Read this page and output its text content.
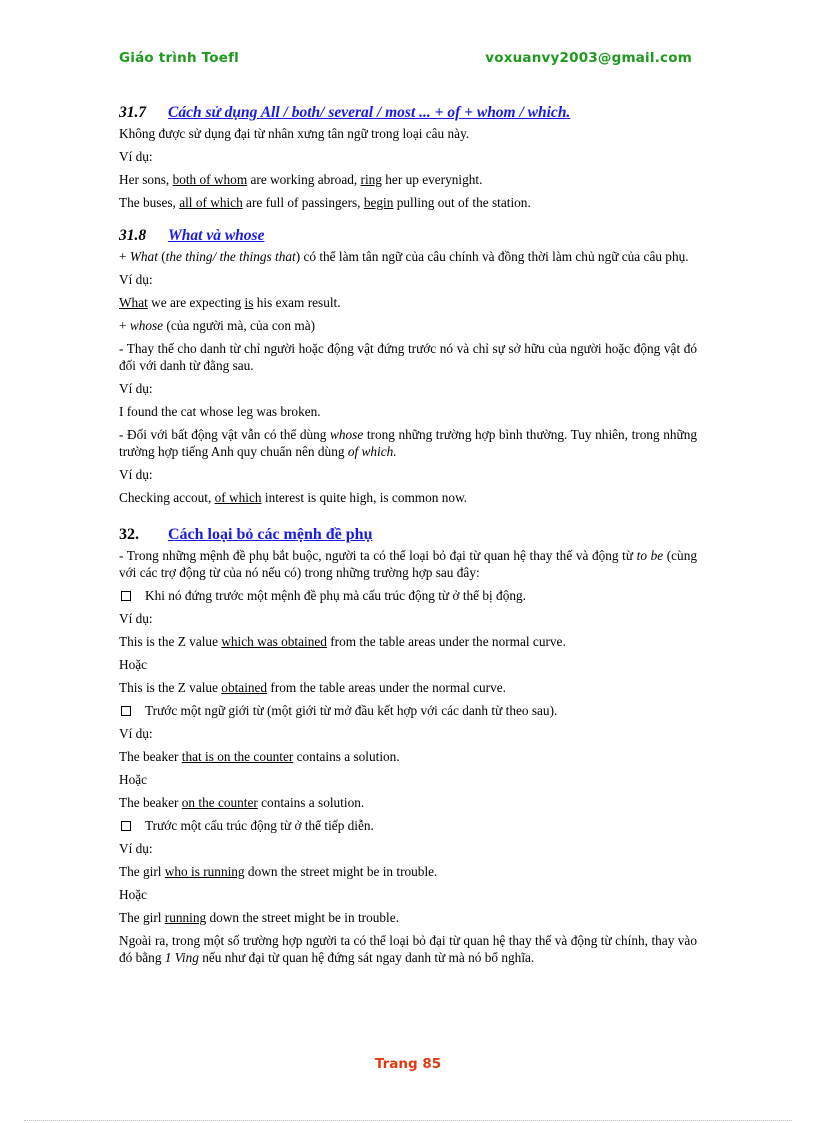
Giáo trình Toefl	voxuanvy2003@gmail.com
31.7	Cách sử dụng All / both/ several / most ... + of + whom / which.

Không được sử dụng đại từ nhân xưng tân ngữ trong loại câu này.

Ví dụ:

Her sons, both of whom are working abroad, ring her up everynight.

The buses, all of which are full of passingers, begin pulling out of the station.

31.8	What và whose

+ What (the thing/ the things that) có thể làm tân ngữ của câu chính và đồng thời làm chủ ngữ của câu phụ.

Ví dụ:

What we are expecting is his exam result.

+ whose (của người mà, của con mà)

- Thay thế cho danh từ chỉ người hoặc động vật đứng trước nó và chỉ sự sở hữu của người hoặc động vật đó đối với danh từ đằng sau.

Ví dụ:

I found the cat whose leg was broken.

- Đối với bất động vật vẫn có thể dùng whose trong những trường hợp bình thường. Tuy nhiên, trong những trường hợp tiếng Anh quy chuẩn nên dùng of which.

Ví dụ:

Checking accout, of which interest is quite high, is common now.

32.	Cách loại bỏ các mệnh đề phụ

- Trong những mệnh đề phụ bắt buộc, người ta có thể loại bỏ đại từ quan hệ thay thế và động từ to be (cùng với các trợ động từ của nó nếu có) trong những trường hợp sau đây:

Khi nó đứng trước một mệnh đề phụ mà cấu trúc động từ ở thể bị động.

Ví dụ:

This is the Z value which was obtained from the table areas under the normal curve.

Hoặc

This is the Z value obtained from the table areas under the normal curve.

Trước một ngữ giới từ (một giới từ mở đầu kết hợp với các danh từ theo sau).

Ví dụ:

The beaker that is on the counter contains a solution.

Hoặc

The beaker on the counter contains a solution.

Trước một cấu trúc động từ ở thể tiếp diễn.

Ví dụ:

The girl who is running down the street might be in trouble.

Hoặc

The girl running down the street might be in trouble.

Ngoài ra, trong một số trường hợp người ta có thể loại bỏ đại từ quan hệ thay thế và động từ chính, thay vào đó bằng 1 Ving nếu như đại từ quan hệ đứng sát ngay danh từ mà nó bổ nghĩa.

Trang 85
